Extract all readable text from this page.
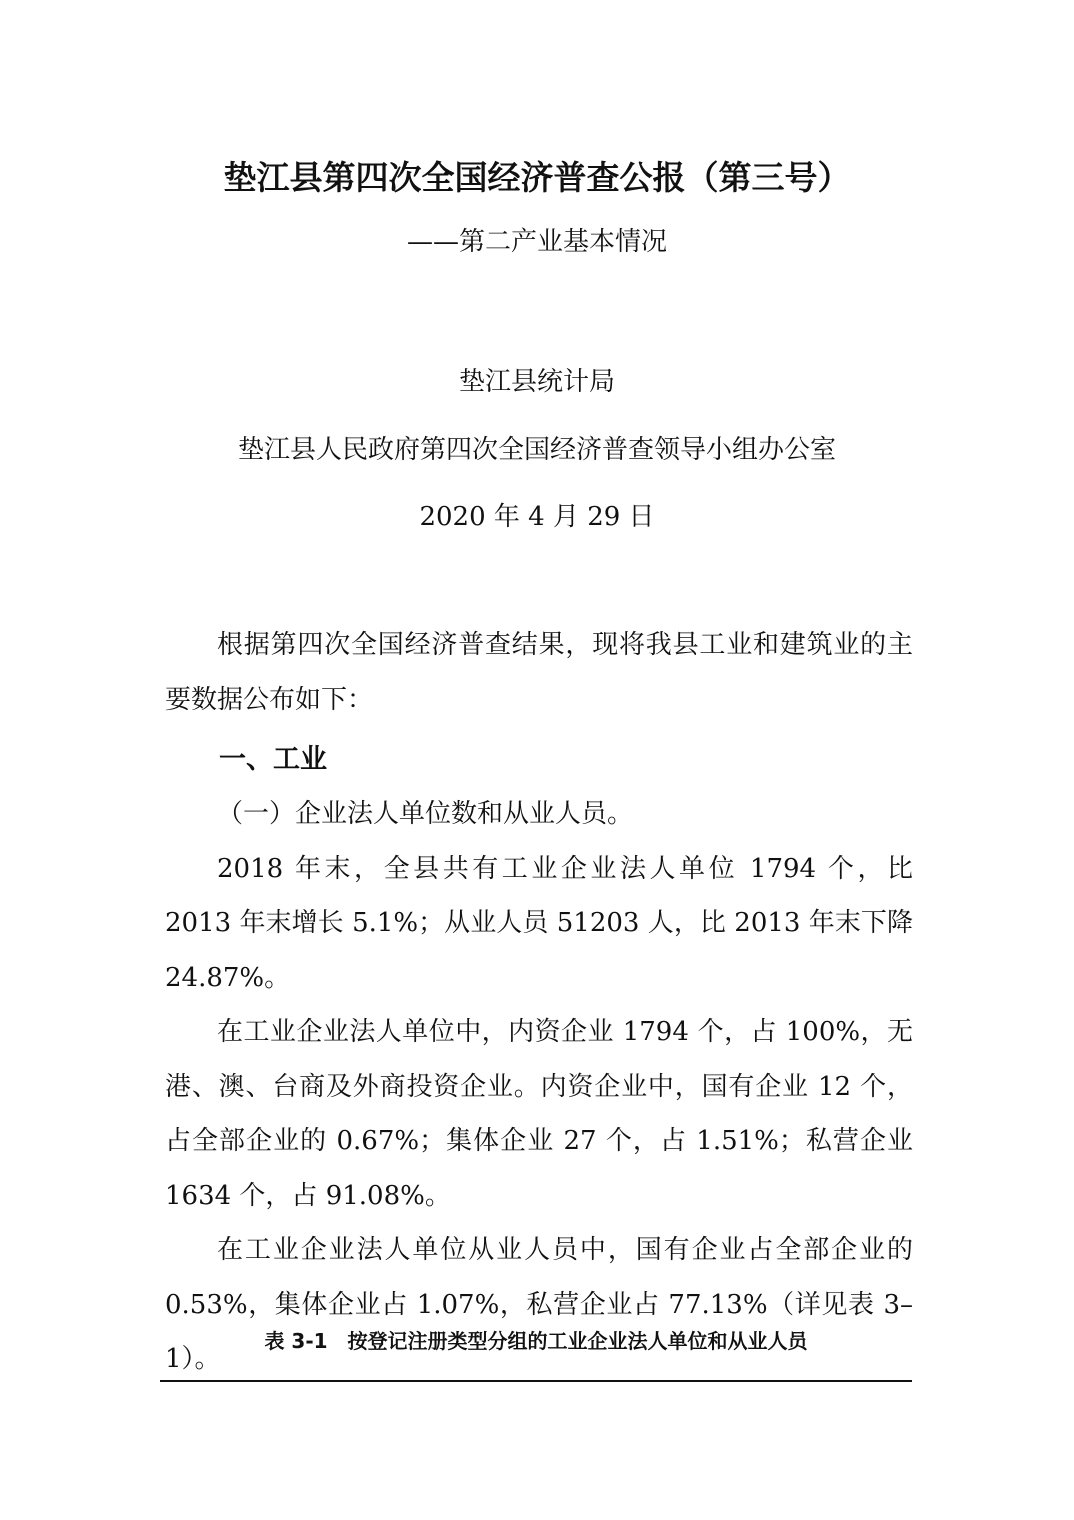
垫江县第四次全国经济普查公报（第三号）
——第二产业基本情况
垫江县统计局
垫江县人民政府第四次全国经济普查领导小组办公室
2020 年 4 月 29 日

根据第四次全国经济普查结果，现将我县工业和建筑业的主要数据公布如下：

一、工业

（一）企业法人单位数和从业人员。

2018 年末，全县共有工业企业法人单位 1794 个，比 2013 年末增长 5.1%；从业人员 51203 人，比 2013 年末下降 24.87%。

在工业企业法人单位中，内资企业 1794 个，占 100%，无港、澳、台商及外商投资企业。内资企业中，国有企业 12 个，占全部企业的 0.67%；集体企业 27 个，占 1.51%；私营企业 1634 个，占 91.08%。

在工业企业法人单位从业人员中，国有企业占全部企业的 0.53%，集体企业占 1.07%，私营企业占 77.13%（详见表 3–1）。

表 3-1　按登记注册类型分组的工业企业法人单位和从业人员
